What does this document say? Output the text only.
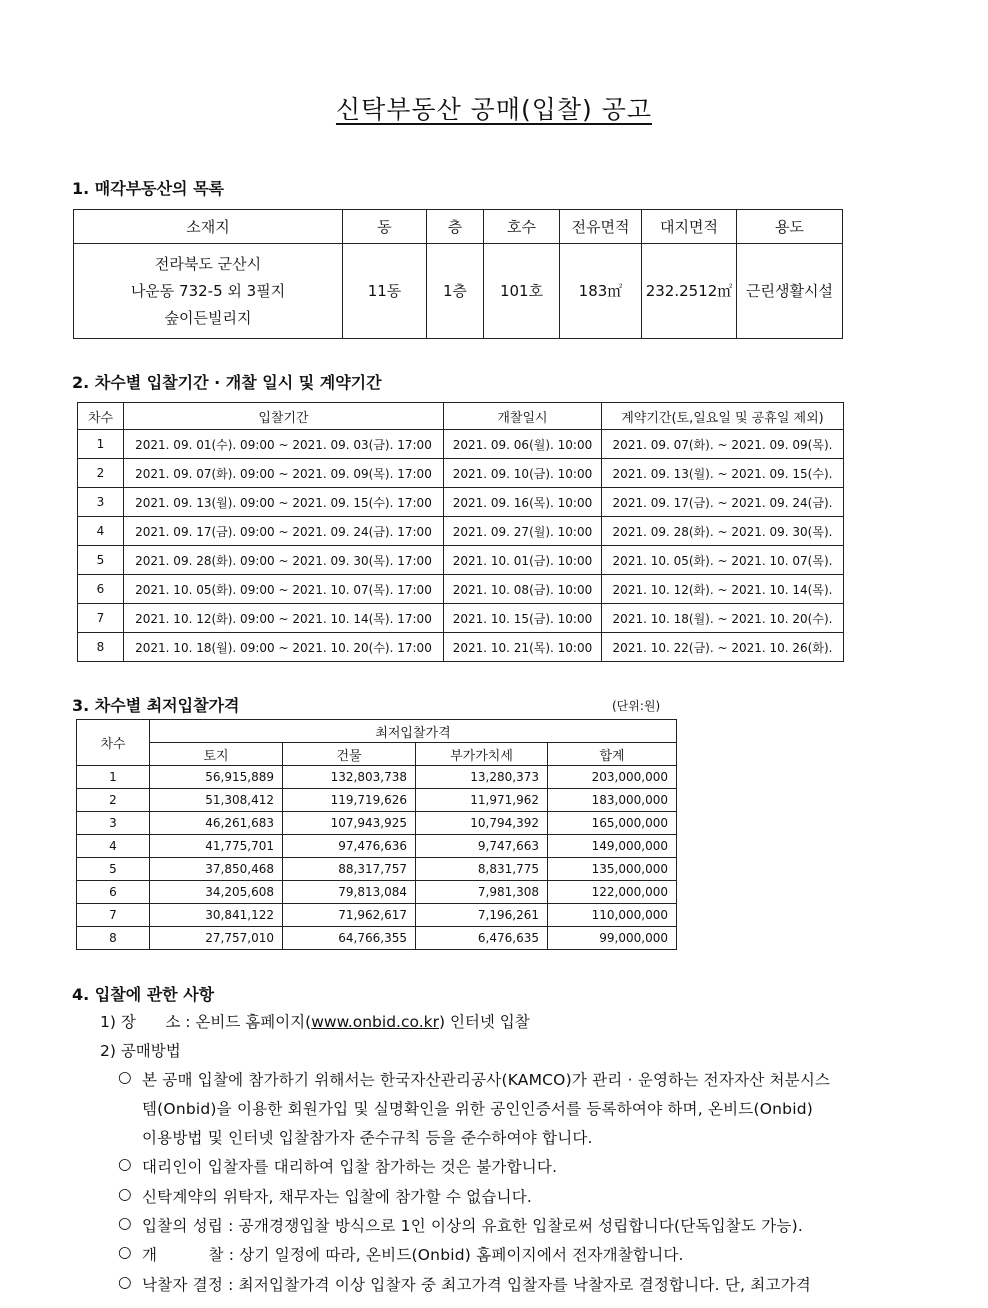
신탁부동산 공매(입찰) 공고
1. 매각부동산의 목록
소재지	동	층	호수	전유면적	대지면적	용도

전라북도 군산시
나운동 732-5 외 3필지
숲이든빌리지	11동	1층	101호	183㎡	232.2512㎡	근린생활시설
2. 차수별 입찰기간 · 개찰 일시 및 계약기간
차수	입찰기간	개찰일시	계약기간(토,일요일 및 공휴일 제외)
1	2021. 09. 01(수). 09:00 ~ 2021. 09. 03(금). 17:00	2021. 09. 06(월). 10:00	2021. 09. 07(화). ~ 2021. 09. 09(목).
2	2021. 09. 07(화). 09:00 ~ 2021. 09. 09(목). 17:00	2021. 09. 10(금). 10:00	2021. 09. 13(월). ~ 2021. 09. 15(수).
3	2021. 09. 13(월). 09:00 ~ 2021. 09. 15(수). 17:00	2021. 09. 16(목). 10:00	2021. 09. 17(금). ~ 2021. 09. 24(금).
4	2021. 09. 17(금). 09:00 ~ 2021. 09. 24(금). 17:00	2021. 09. 27(월). 10:00	2021. 09. 28(화). ~ 2021. 09. 30(목).
5	2021. 09. 28(화). 09:00 ~ 2021. 09. 30(목). 17:00	2021. 10. 01(금). 10:00	2021. 10. 05(화). ~ 2021. 10. 07(목).
6	2021. 10. 05(화). 09:00 ~ 2021. 10. 07(목). 17:00	2021. 10. 08(금). 10:00	2021. 10. 12(화). ~ 2021. 10. 14(목).
7	2021. 10. 12(화). 09:00 ~ 2021. 10. 14(목). 17:00	2021. 10. 15(금). 10:00	2021. 10. 18(월). ~ 2021. 10. 20(수).
8	2021. 10. 18(월). 09:00 ~ 2021. 10. 20(수). 17:00	2021. 10. 21(목). 10:00	2021. 10. 22(금). ~ 2021. 10. 26(화).
3. 차수별 최저입찰가격	(단위:원)
차수	최저입찰가격			
	토지	건물	부가가치세	합계
1	56,915,889	132,803,738	13,280,373	203,000,000
2	51,308,412	119,719,626	11,971,962	183,000,000
3	46,261,683	107,943,925	10,794,392	165,000,000
4	41,775,701	97,476,636	9,747,663	149,000,000
5	37,850,468	88,317,757	8,831,775	135,000,000
6	34,205,608	79,813,084	7,981,308	122,000,000
7	30,841,122	71,962,617	7,196,261	110,000,000
8	27,757,010	64,766,355	6,476,635	99,000,000
4. 입찰에 관한 사항
1) 장      소 : 온비드 홈페이지(www.onbid.co.kr) 인터넷 입찰
2) 공매방법
○ 본 공매 입찰에 참가하기 위해서는 한국자산관리공사(KAMCO)가 관리 · 운영하는 전자자산 처분시스
템(Onbid)을 이용한 회원가입 및 실명확인을 위한 공인인증서를 등록하여야 하며, 온비드(Onbid)
이용방법 및 인터넷 입찰참가자 준수규칙 등을 준수하여야 합니다.
○ 대리인이 입찰자를 대리하여 입찰 참가하는 것은 불가합니다.
○ 신탁계약의 위탁자, 채무자는 입찰에 참가할 수 없습니다.
○ 입찰의 성립 : 공개경쟁입찰 방식으로 1인 이상의 유효한 입찰로써 성립합니다(단독입찰도 가능).
○ 개          찰 : 상기 일정에 따라, 온비드(Onbid) 홈페이지에서 전자개찰합니다.
○ 낙찰자 결정 : 최저입찰가격 이상 입찰자 중 최고가격 입찰자를 낙찰자로 결정합니다. 단, 최고가격
